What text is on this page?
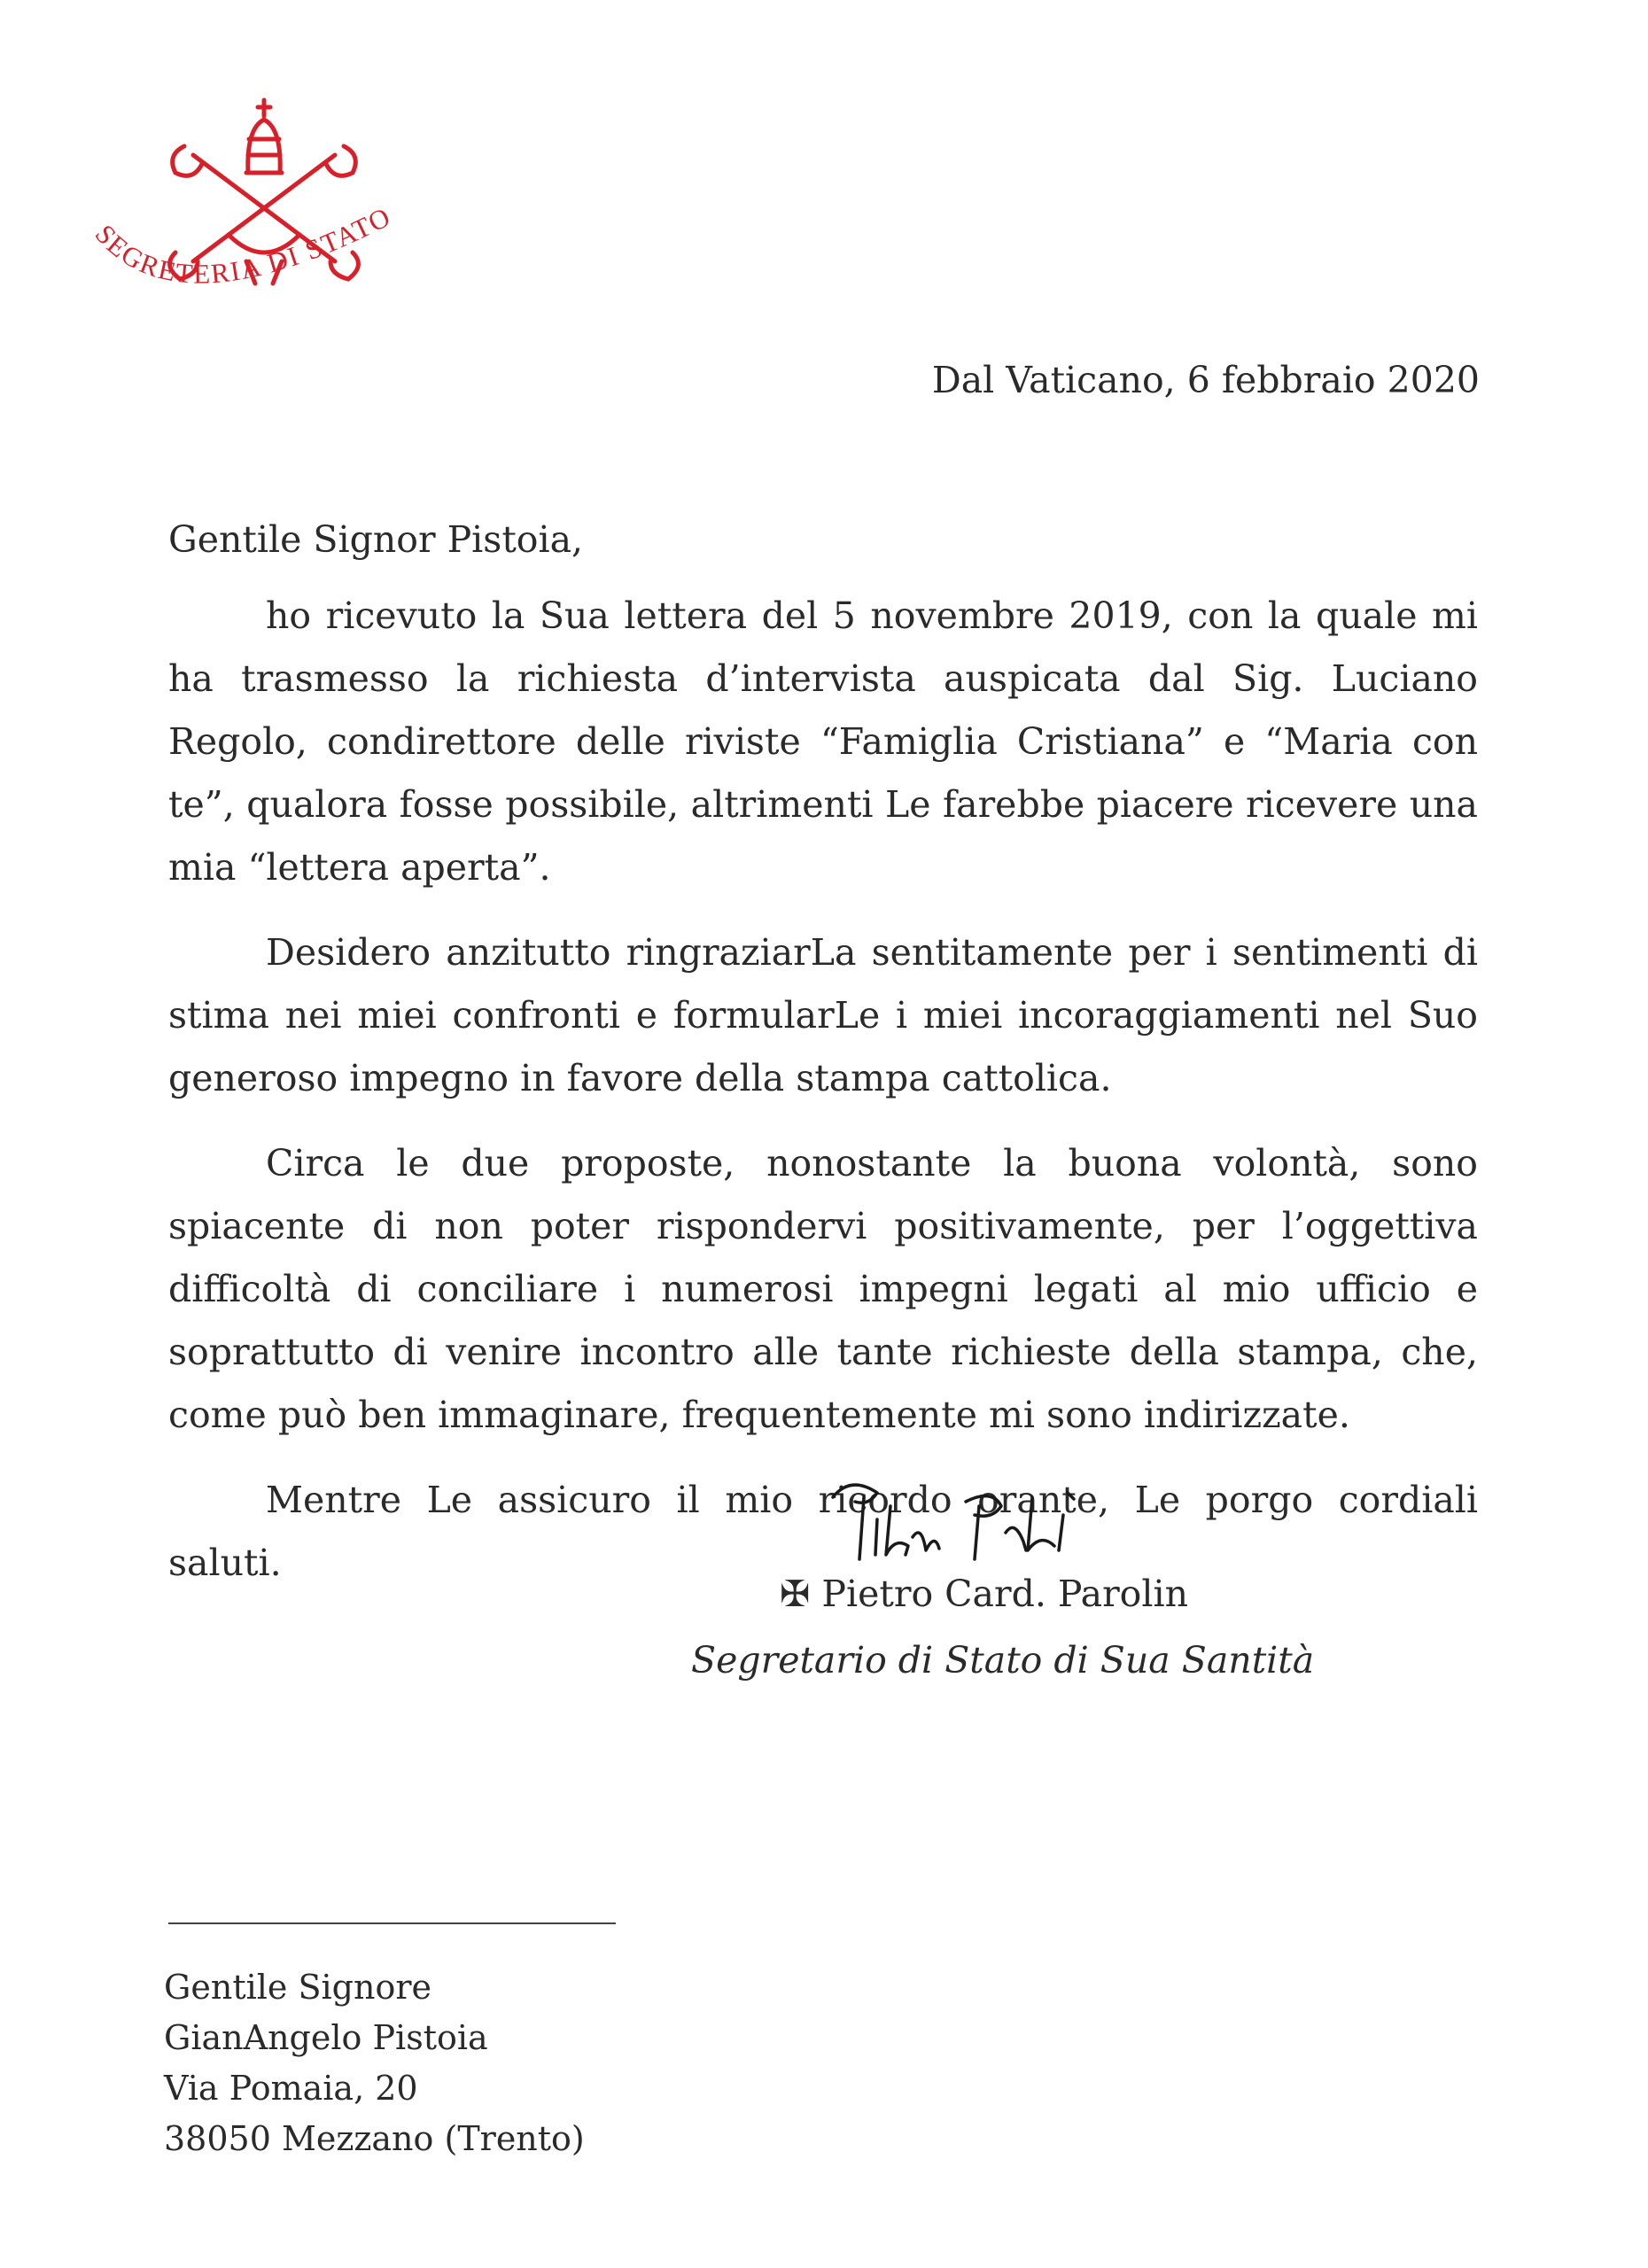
SEGRETERIA DI STATO
Dal Vaticano, 6 febbraio 2020
Gentile Signor Pistoia,

ho ricevuto la Sua lettera del 5 novembre 2019, con la quale mi ha trasmesso la richiesta d’intervista auspicata dal Sig. Luciano Regolo, condirettore delle riviste “Famiglia Cristiana” e “Maria con te”, qualora fosse possibile, altrimenti Le farebbe piacere ricevere una mia “lettera aperta”.

Desidero anzitutto ringraziarLa sentitamente per i sentimenti di stima nei miei confronti e formularLe i miei incoraggiamenti nel Suo generoso impegno in favore della stampa cattolica.

Circa le due proposte, nonostante la buona volontà, sono spiacente di non poter rispondervi positivamente, per l’oggettiva difficoltà di conciliare i numerosi impegni legati al mio ufficio e soprattutto di venire incontro alle tante richieste della stampa, che, come può ben immaginare, frequentemente mi sono indirizzate.

Mentre Le assicuro il mio ricordo orante, Le porgo cordiali saluti.

✠ Pietro Card. Parolin
Segretario di Stato di Sua Santità
Gentile Signore
GianAngelo Pistoia
Via Pomaia, 20
38050 Mezzano (Trento)
